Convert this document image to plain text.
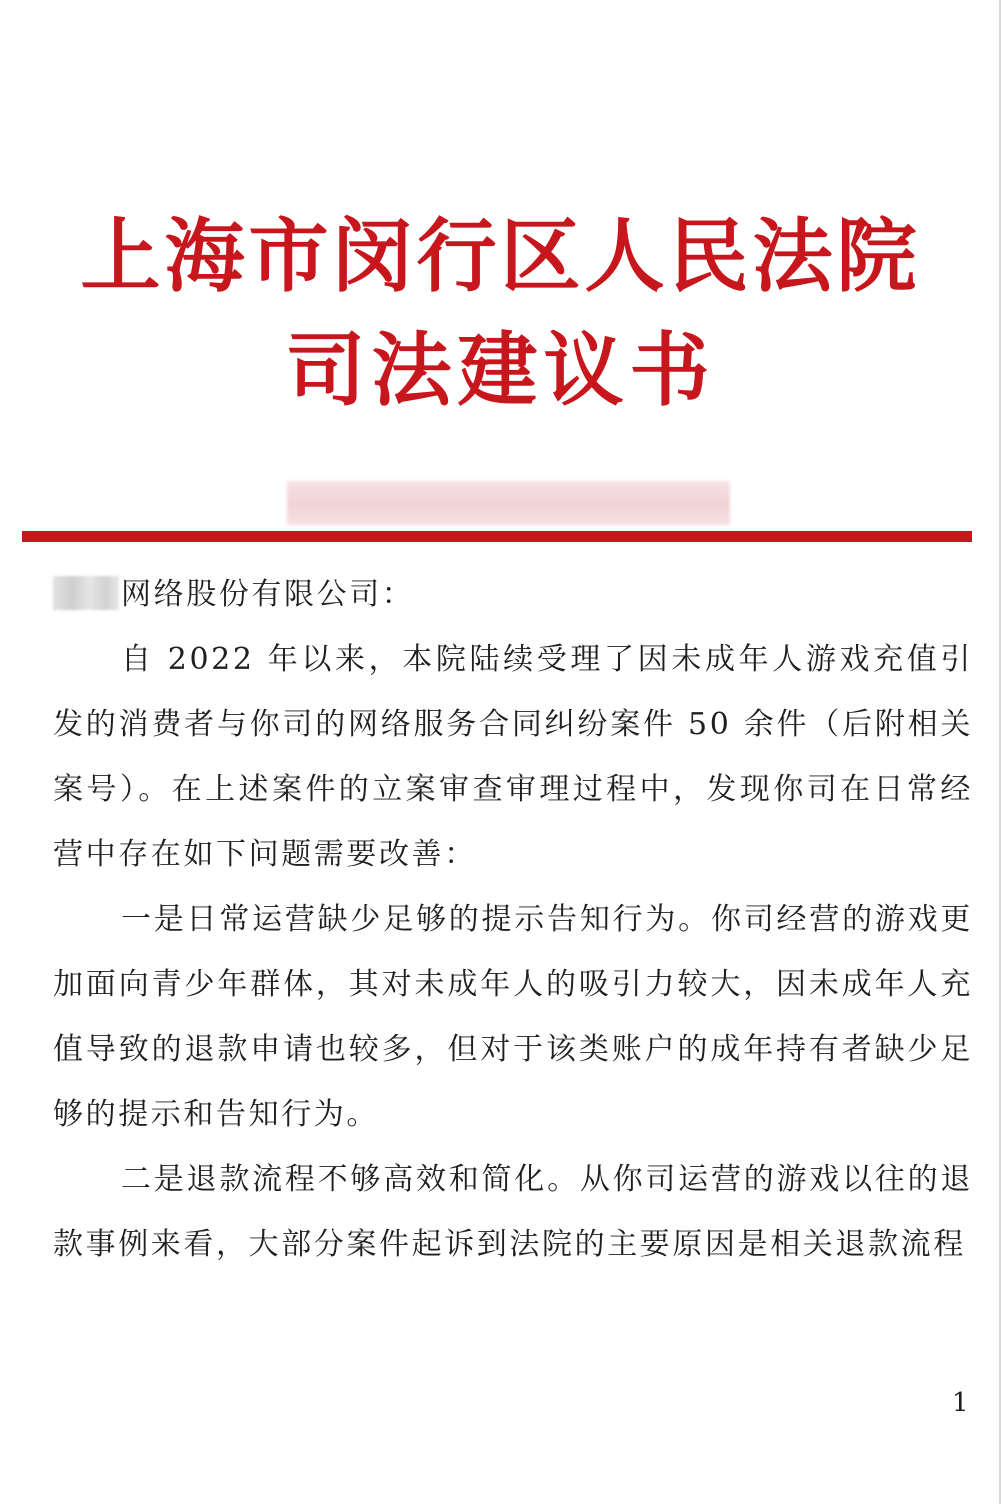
上海市闵行区人民法院
司法建议书

网络股份有限公司：

自 2022 年以来，本院陆续受理了因未成年人游戏充值引发的消费者与你司的网络服务合同纠纷案件 50 余件（后附相关案号）。在上述案件的立案审查审理过程中，发现你司在日常经营中存在如下问题需要改善：

一是日常运营缺少足够的提示告知行为。你司经营的游戏更加面向青少年群体，其对未成年人的吸引力较大，因未成年人充值导致的退款申请也较多，但对于该类账户的成年持有者缺少足够的提示和告知行为。

二是退款流程不够高效和简化。从你司运营的游戏以往的退款事例来看，大部分案件起诉到法院的主要原因是相关退款流程

1
